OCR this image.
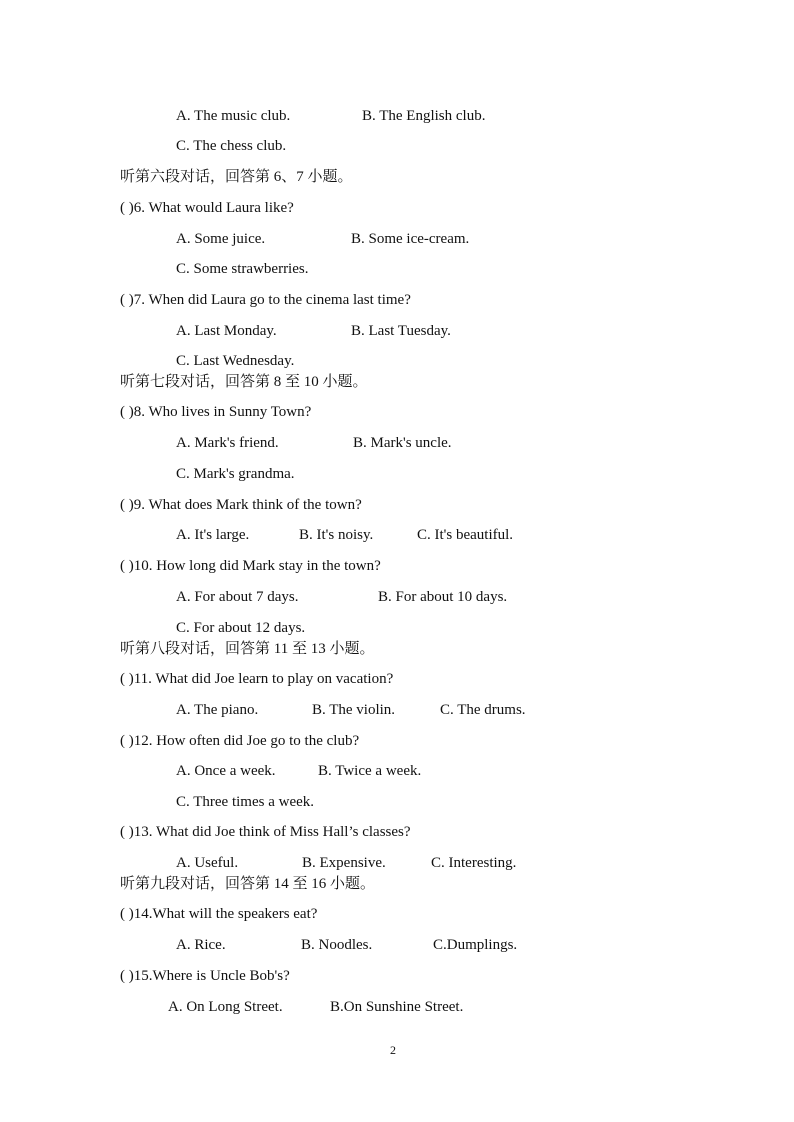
A. The music club.	B. The English club.
C. The chess club.
听第六段对话，回答第 6、7 小题。
( )6. What would Laura like?
A. Some juice.	B. Some ice-cream.
C. Some strawberries.
( )7. When did Laura go to the cinema last time?
A. Last Monday.	B. Last Tuesday.
C. Last Wednesday.
听第七段对话，回答第 8 至 10 小题。
( )8. Who lives in Sunny Town?
A. Mark's friend.	B. Mark's uncle.
C. Mark's grandma.
( )9. What does Mark think of the town?
A. It's large.	B. It's noisy.	C. It's beautiful.
( )10. How long did Mark stay in the town?
A. For about 7 days.	B. For about 10 days.
C. For about 12 days.
听第八段对话，回答第 11 至 13 小题。
( )11. What did Joe learn to play on vacation?
A. The piano.	B. The violin.	C. The drums.
( )12. How often did Joe go to the club?
A. Once a week.	B. Twice a week.
C. Three times a week.
( )13. What did Joe think of Miss Hall’s classes?
A. Useful.	B. Expensive.	C. Interesting.
听第九段对话，回答第 14 至 16 小题。
( )14.What will the speakers eat?
A. Rice.	B. Noodles.	C.Dumplings.
( )15.Where is Uncle Bob's?
A. On Long Street.	B.On Sunshine Street.
2
